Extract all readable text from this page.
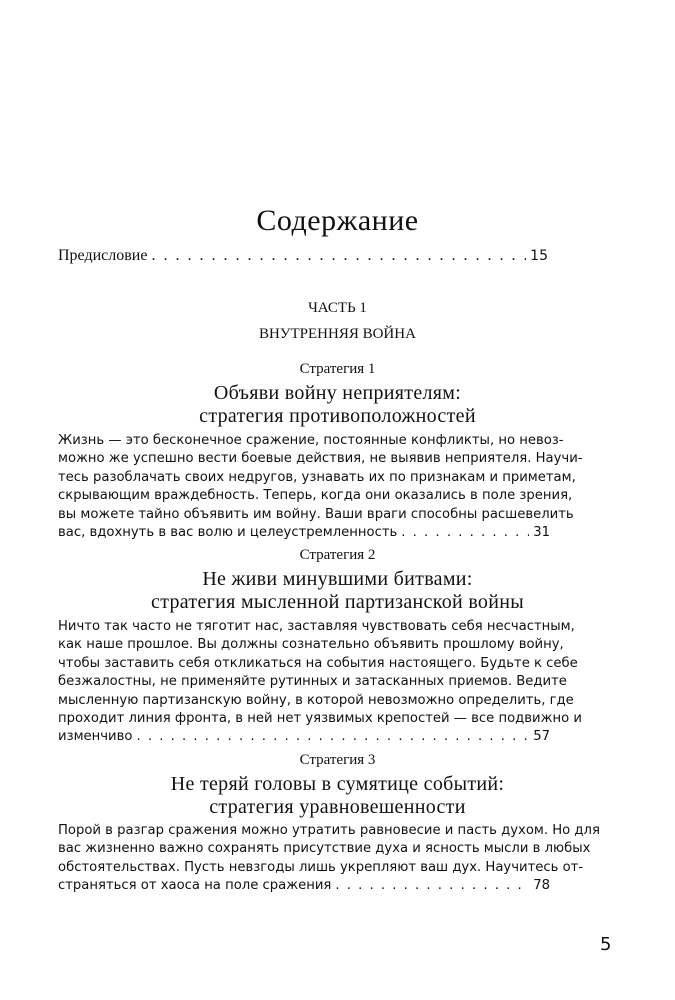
Содержание
Предисловие . . .	15
ЧАСТЬ 1
ВНУТРЕННЯЯ ВОЙНА
Стратегия 1
Объяви войну неприятелям:
стратегия противоположностей
Жизнь — это бесконечное сражение, постоянные конфликты, но невоз-
можно же успешно вести боевые действия, не выявив неприятеля. Научи-
тесь разоблачать своих недругов, узнавать их по признакам и приметам,
скрывающим враждебность. Теперь, когда они оказались в поле зрения,
вы можете тайно объявить им войну. Ваши враги способны расшевелить
вас, вдохнуть в вас волю и целеустремленность . . .	31
Стратегия 2
Не живи минувшими битвами:
стратегия мысленной партизанской войны
Ничто так часто не тяготит нас, заставляя чувствовать себя несчастным,
как наше прошлое. Вы должны сознательно объявить прошлому войну,
чтобы заставить себя откликаться на события настоящего. Будьте к себе
безжалостны, не применяйте рутинных и затасканных приемов. Ведите
мысленную партизанскую войну, в которой невозможно определить, где
проходит линия фронта, в ней нет уязвимых крепостей — все подвижно и
изменчиво . . .	57
Стратегия 3
Не теряй головы в сумятице событий:
стратегия уравновешенности
Порой в разгар сражения можно утратить равновесие и пасть духом. Но для
вас жизненно важно сохранять присутствие духа и ясность мысли в любых
обстоятельствах. Пусть невзгоды лишь укрепляют ваш дух. Научитесь от-
страняться от хаоса на поле сражения . . .	78
5
